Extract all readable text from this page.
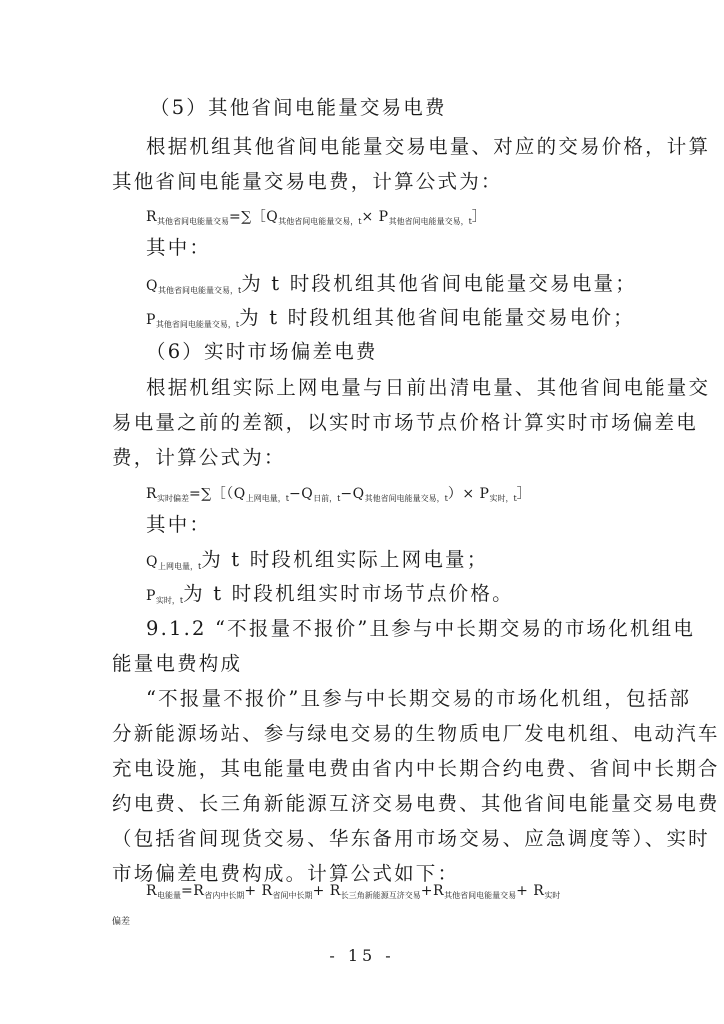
（5）其他省间电能量交易电费
根据机组其他省间电能量交易电量、对应的交易价格，计算
其他省间电能量交易电费，计算公式为：
$R_{其他省间电能量交易}=\sum[Q_{其他省间电能量交易,t}\times$ $P_{其他省间电能量交易,t}]$
其中：
$Q_{其他省间电能量交易,t}$为 t 时段机组其他省间电能量交易电量；
$P_{其他省间电能量交易,t}$为 t 时段机组其他省间电能量交易电价；
（6）实时市场偏差电费
根据机组实际上网电量与日前出清电量、其他省间电能量交
易电量之前的差额，以实时市场节点价格计算实时市场偏差电
费，计算公式为：
$R_{实时偏差}=\sum[(Q_{上网电量,t}-Q_{日前,t}-Q_{其他省间电能量交易,t})\times$ $P_{实时,t}]$
其中：
$Q_{上网电量,t}$为 t 时段机组实际上网电量；
$P_{实时,t}$为 t 时段机组实时市场节点价格。
9.1.2 “不报量不报价”且参与中长期交易的市场化机组电
能量电费构成
“不报量不报价”且参与中长期交易的市场化机组，包括部
分新能源场站、参与绿电交易的生物质电厂发电机组、电动汽车
充电设施，其电能量电费由省内中长期合约电费、省间中长期合
约电费、长三角新能源互济交易电费、其他省间电能量交易电费
（包括省间现货交易、华东备用市场交易、应急调度等）、实时
市场偏差电费构成。计算公式如下：
$R_{电能量}=R_{省内中长期}+ R_{省间中长期}+ R_{长三角新能源互济交易}+R_{其他省间电能量交易}+ R_{实时}$
偏差
- 15 -
